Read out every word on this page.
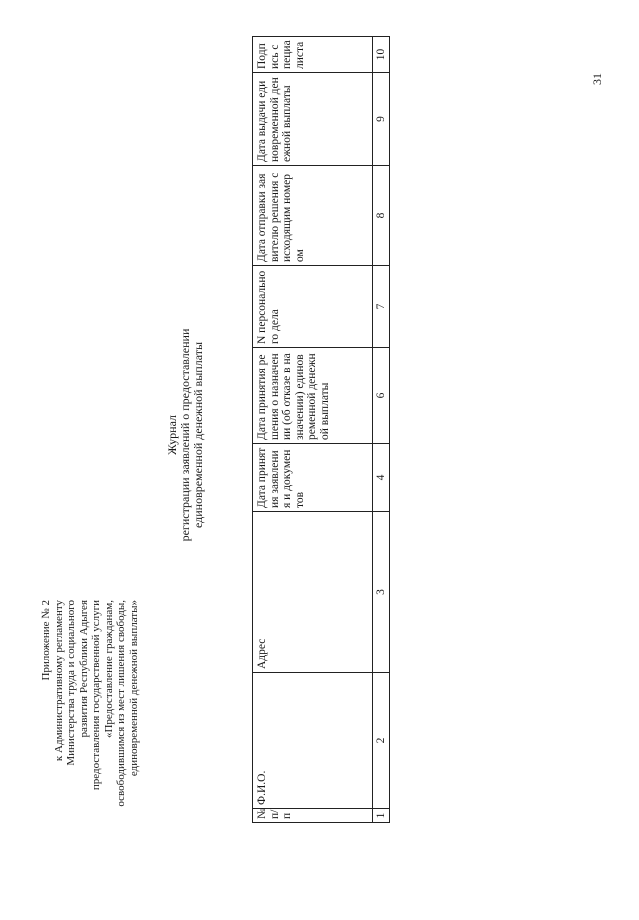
Приложение № 2 к Административному регламенту Министерства труда и социального развития Республики Адыгея предоставления государственной услуги «Предоставление гражданам, освободившимся из мест лишения свободы, единовременной денежной выплаты»
Журнал регистрации заявлений о предоставлении единовременной денежной выплаты
№ п/п	Ф.И.О.	Адрес	Дата принятия заявления и документов	Дата принятия решения о назначении (об отказе в назначении) единовременной денежной выплаты	N персонального дела	Дата отправки заявителю решения с исходящим номером	Дата выдачи единовременной денежной выплаты	Подпись специалиста
1	2	3	4	6	7	8	9	10
31
